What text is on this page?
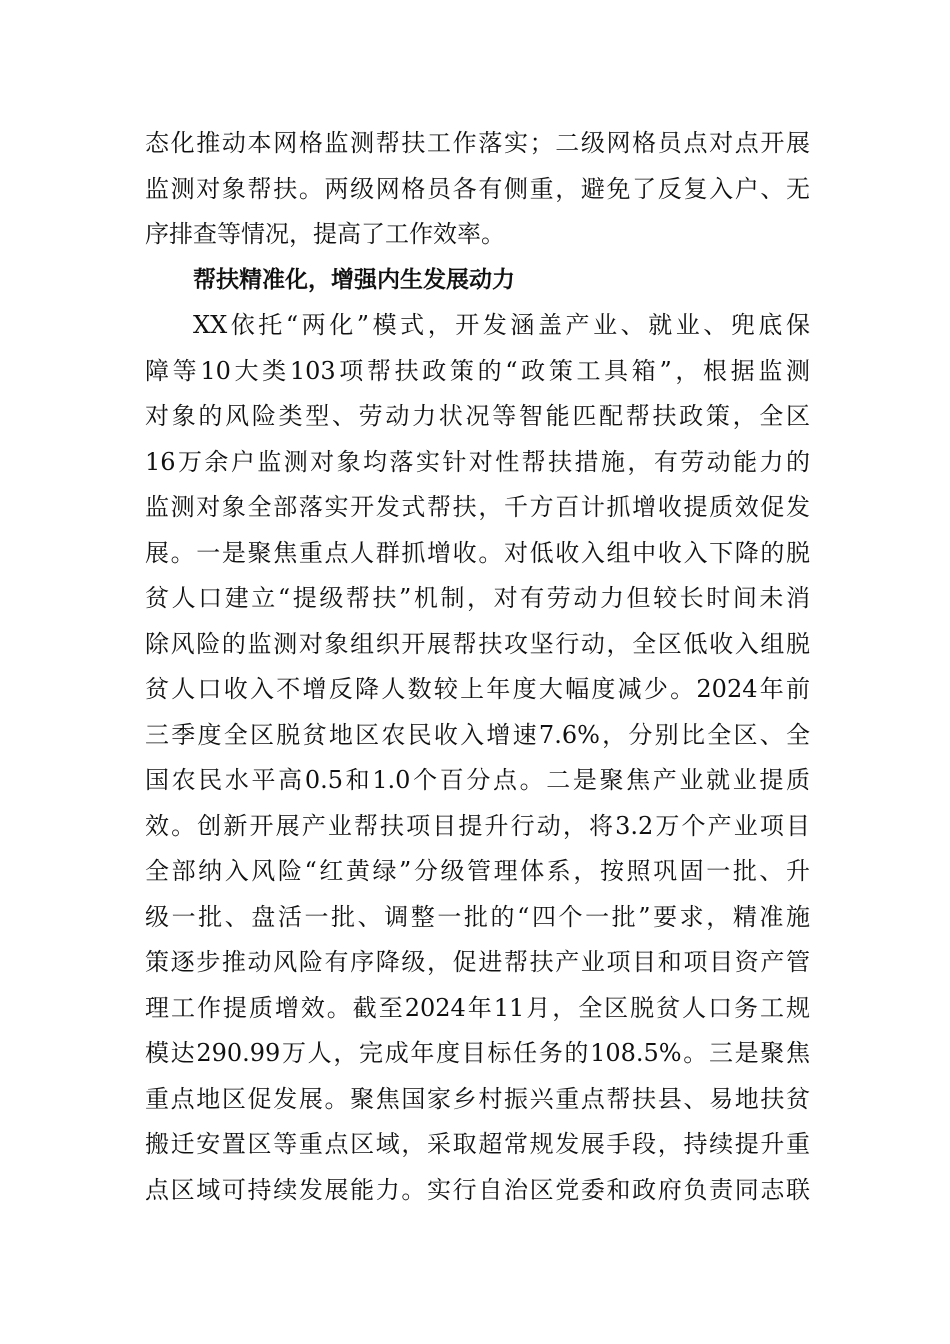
态化推动本网格监测帮扶工作落实；二级网格员点对点开展
监测对象帮扶。两级网格员各有侧重，避免了反复入户、无
序排查等情况，提高了工作效率。
帮扶精准化，增强内生发展动力
XX依托“两化”模式，开发涵盖产业、就业、兜底保
障等10大类103项帮扶政策的“政策工具箱”，根据监测
对象的风险类型、劳动力状况等智能匹配帮扶政策，全区
16万余户监测对象均落实针对性帮扶措施，有劳动能力的
监测对象全部落实开发式帮扶，千方百计抓增收提质效促发
展。一是聚焦重点人群抓增收。对低收入组中收入下降的脱
贫人口建立“提级帮扶”机制，对有劳动力但较长时间未消
除风险的监测对象组织开展帮扶攻坚行动，全区低收入组脱
贫人口收入不增反降人数较上年度大幅度减少。2024年前
三季度全区脱贫地区农民收入增速7.6%，分别比全区、全
国农民水平高0.5和1.0个百分点。二是聚焦产业就业提质
效。创新开展产业帮扶项目提升行动，将3.2万个产业项目
全部纳入风险“红黄绿”分级管理体系，按照巩固一批、升
级一批、盘活一批、调整一批的“四个一批”要求，精准施
策逐步推动风险有序降级，促进帮扶产业项目和项目资产管
理工作提质增效。截至2024年11月，全区脱贫人口务工规
模达290.99万人，完成年度目标任务的108.5%。三是聚焦
重点地区促发展。聚焦国家乡村振兴重点帮扶县、易地扶贫
搬迁安置区等重点区域，采取超常规发展手段，持续提升重
点区域可持续发展能力。实行自治区党委和政府负责同志联
